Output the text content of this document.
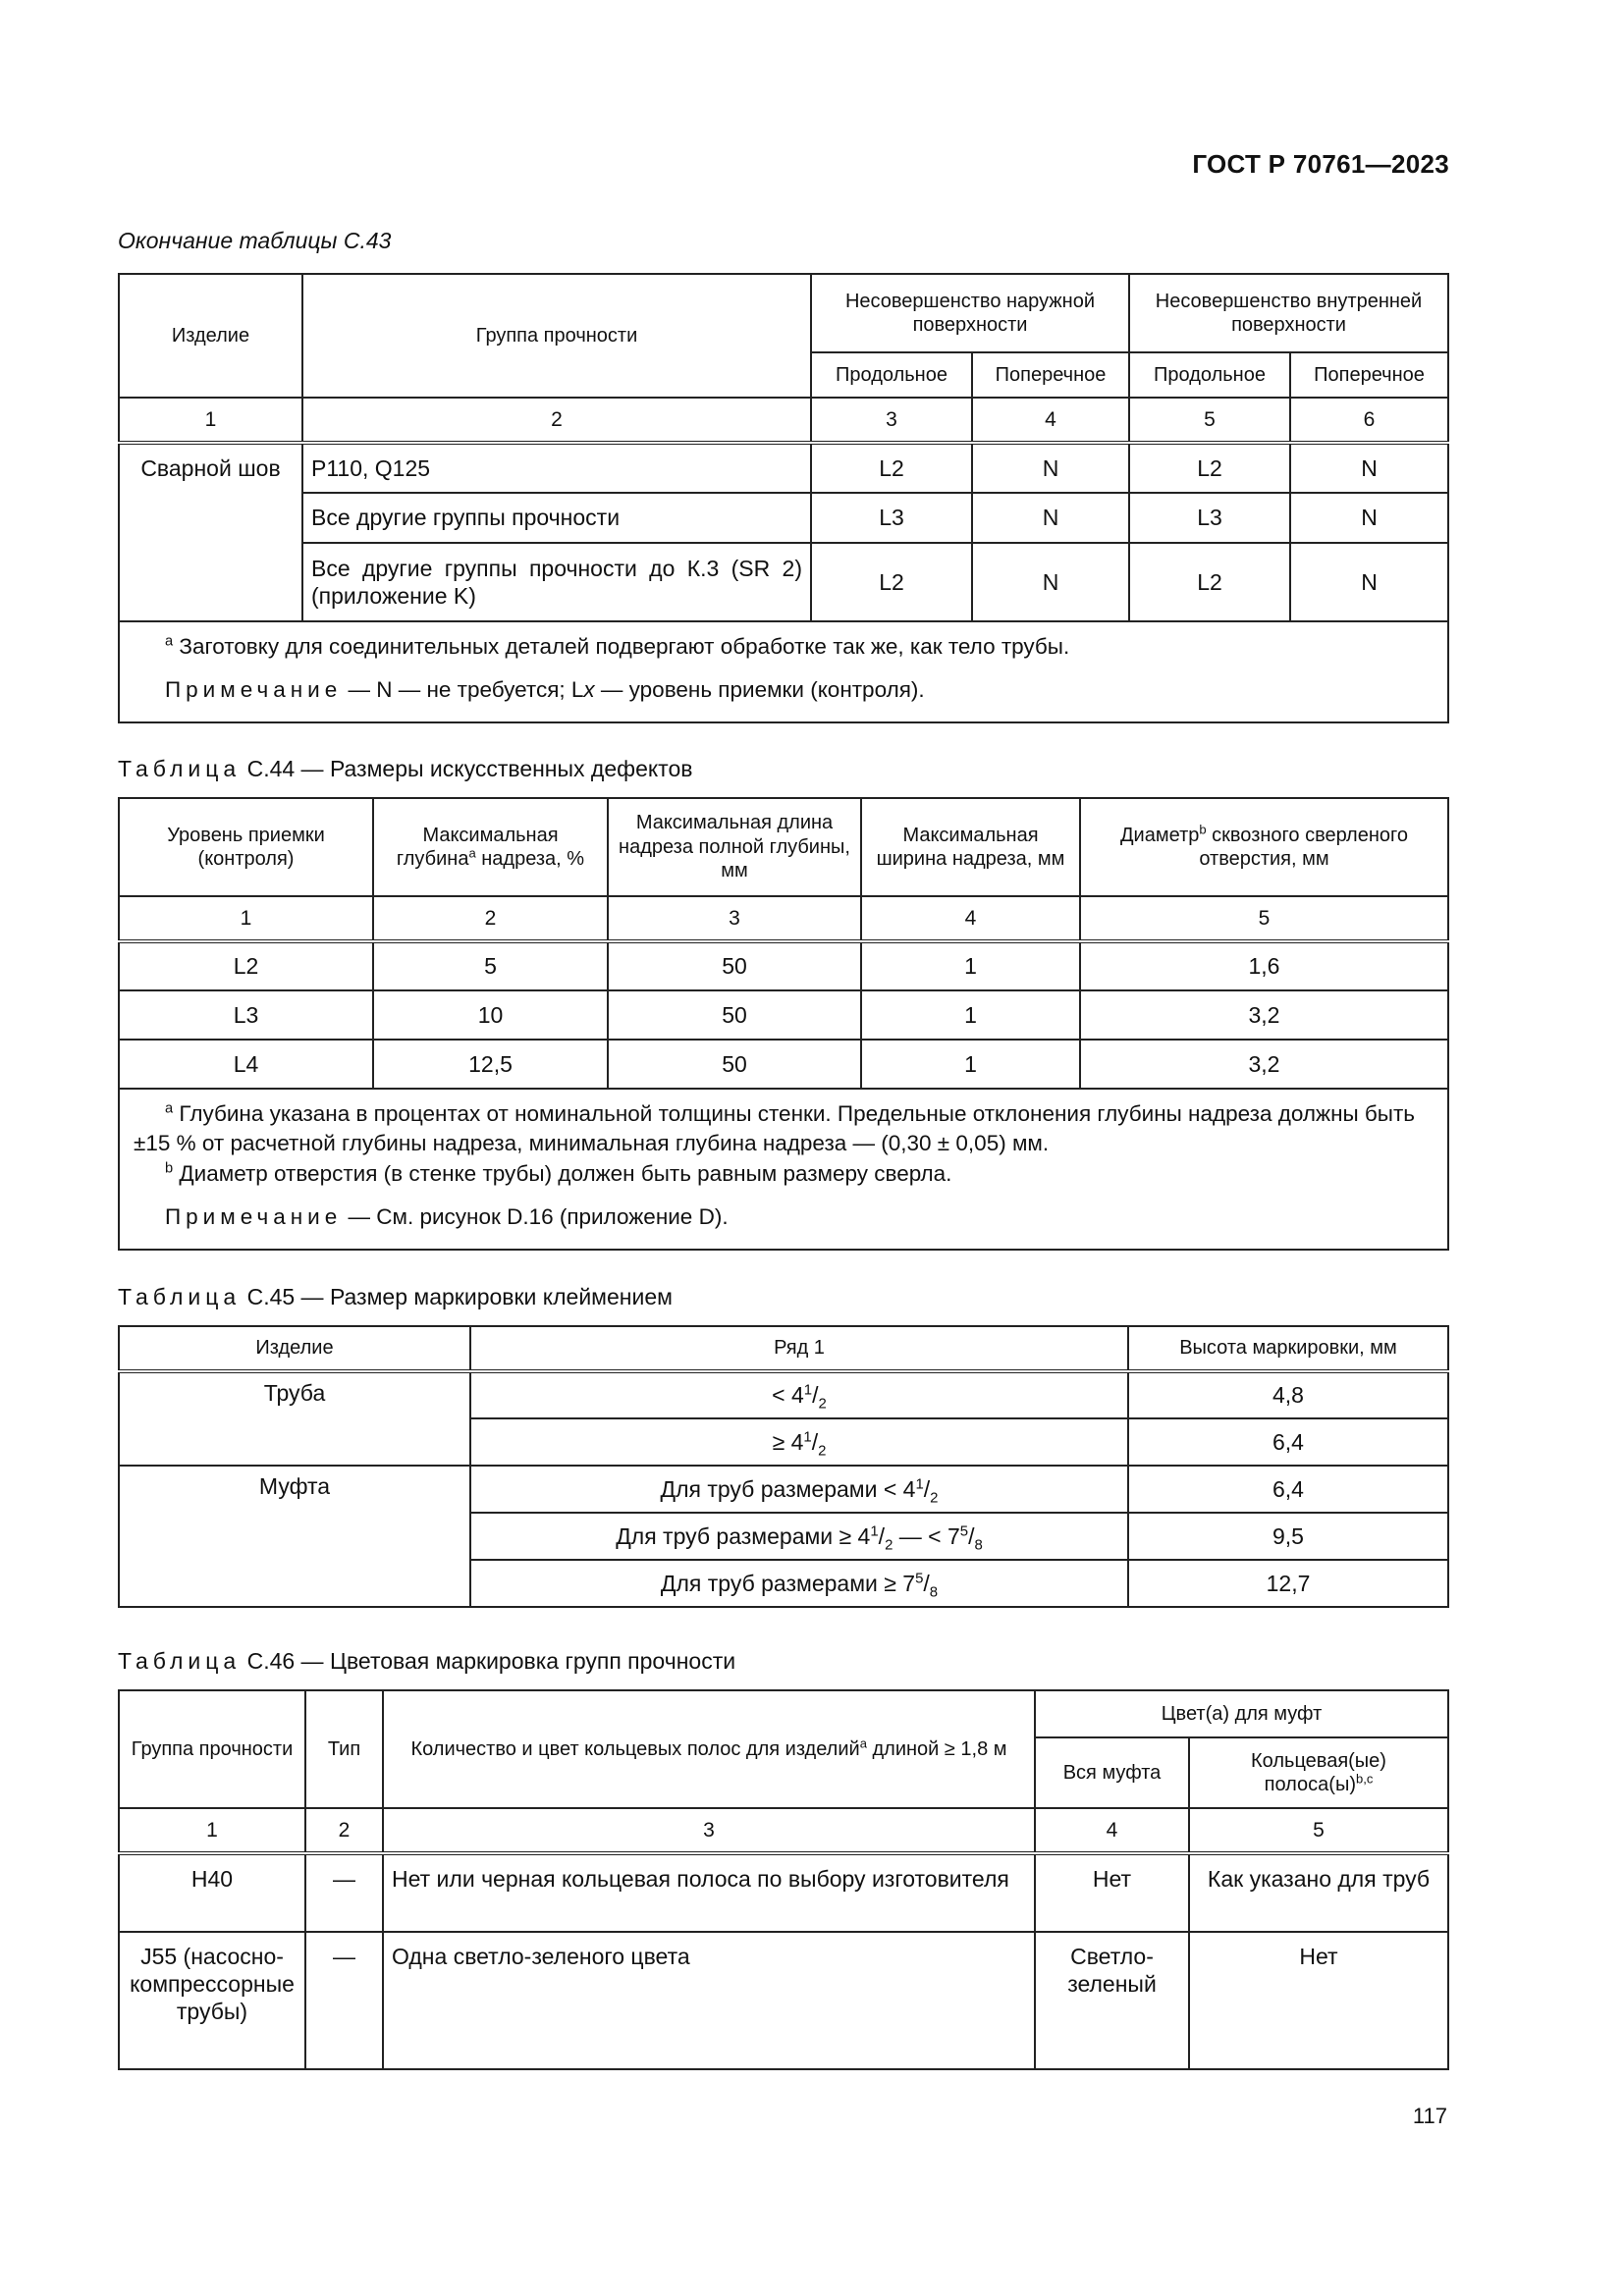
ГОСТ Р 70761—2023
Окончание таблицы С.43
Изделие	Группа прочности	Несовершенство наружной поверхности		Несовершенство внутренней поверхности	
		Продольное	Поперечное	Продольное	Поперечное
1	2	3	4	5	6
Сварной шов	P110, Q125	L2	N	L2	N
	Все другие группы прочности	L3	N	L3	N
	Все другие группы прочности до К.3 (SR 2) (приложение K)	L2	N	L2	N

$^a$ Заготовку для соединительных деталей подвергают обработке так же, как тело трубы.
Примечание — N — не требуется; Lx — уровень приемки (контроля).					
Таблица С.44 — Размеры искусственных дефектов
Уровень приемки (контроля)	Максимальная глубина$^a$ надреза, %	Максимальная длина надреза полной глубины, мм	Максимальная ширина надреза, мм	Диаметр$^b$ сквозного сверленого отверстия, мм
1	2	3	4	5
L2	5	50	1	1,6
L3	10	50	1	3,2
L4	12,5	50	1	3,2

$^a$ Глубина указана в процентах от номинальной толщины стенки. Предельные отклонения глубины надреза должны быть ±15 % от расчетной глубины надреза, минимальная глубина надреза — (0,30 ± 0,05) мм.
$^b$ Диаметр отверстия (в стенке трубы) должен быть равным размеру сверла.
Примечание — См. рисунок D.16 (приложение D).				
Таблица С.45 — Размер маркировки клеймением
Изделие	Ряд 1	Высота маркировки, мм
Труба	< $4^1/_2$	4,8
	≥ $4^1/_2$	6,4
Муфта	Для труб размерами < $4^1/_2$	6,4
	Для труб размерами ≥ $4^1/_2$ — < $7^5/_8$	9,5
	Для труб размерами ≥ $7^5/_8$	12,7
Таблица С.46 — Цветовая маркировка групп прочности
Группа прочности	Тип	Количество и цвет кольцевых полос для изделий$^a$ длиной ≥ 1,8 м	Цвет(а) для муфт	
			Вся муфта	Кольцевая(ые) $полоса(ы)^{b,c}$
1	2	3	4	5
H40	—	Нет или черная кольцевая полоса по выбору изготовителя	Нет	Как указано для труб
J55 (насосно-компрессорные трубы)	—	Одна светло-зеленого цвета	Светло-зеленый	Нет
117
